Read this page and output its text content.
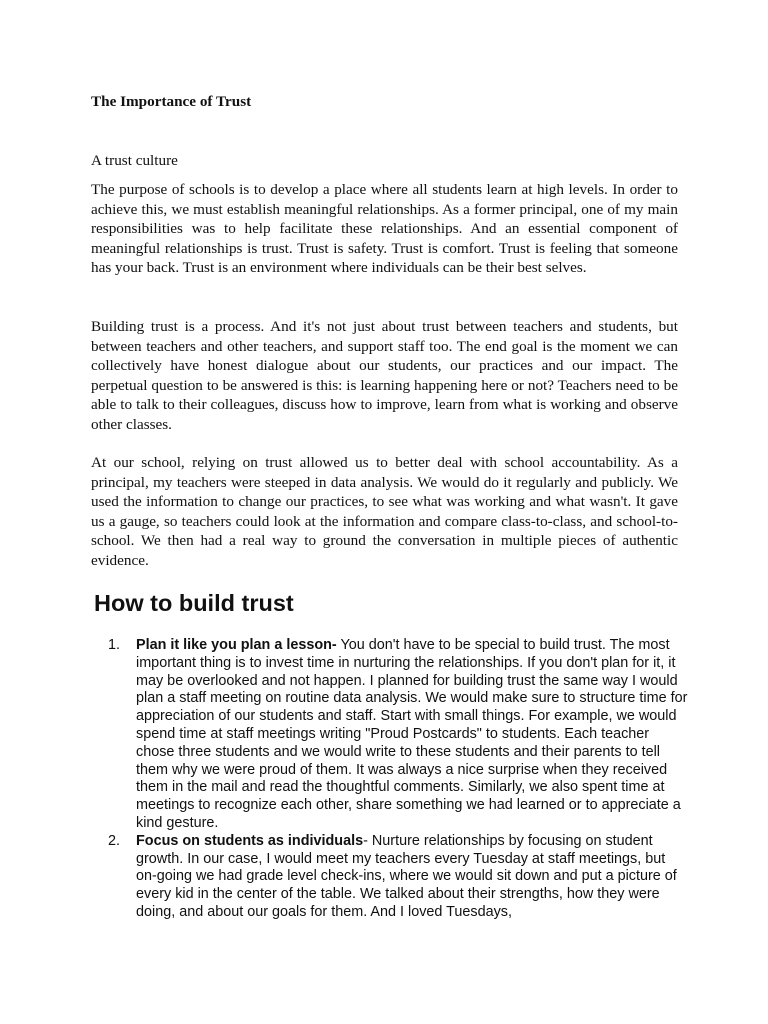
The Importance of Trust

A trust culture

The purpose of schools is to develop a place where all students learn at high levels. In order to achieve this, we must establish meaningful relationships. As a former principal, one of my main responsibilities was to help facilitate these relationships. And an essential component of meaningful relationships is trust. Trust is safety. Trust is comfort. Trust is feeling that someone has your back. Trust is an environment where individuals can be their best selves.

Building trust is a process. And it's not just about trust between teachers and students, but between teachers and other teachers, and support staff too. The end goal is the moment we can collectively have honest dialogue about our students, our practices and our impact. The perpetual question to be answered is this: is learning happening here or not? Teachers need to be able to talk to their colleagues, discuss how to improve, learn from what is working and observe other classes.

At our school, relying on trust allowed us to better deal with school accountability. As a principal, my teachers were steeped in data analysis. We would do it regularly and publicly. We used the information to change our practices, to see what was working and what wasn't. It gave us a gauge, so teachers could look at the information and compare class-to-class, and school-to-school. We then had a real way to ground the conversation in multiple pieces of authentic evidence.

How to build trust
1. Plan it like you plan a lesson- You don't have to be special to build trust. The most important thing is to invest time in nurturing the relationships. If you don't plan for it, it may be overlooked and not happen. I planned for building trust the same way I would plan a staff meeting on routine data analysis. We would make sure to structure time for appreciation of our students and staff. Start with small things. For example, we would spend time at staff meetings writing "Proud Postcards" to students. Each teacher chose three students and we would write to these students and their parents to tell them why we were proud of them. It was always a nice surprise when they received them in the mail and read the thoughtful comments. Similarly, we also spent time at meetings to recognize each other, share something we had learned or to appreciate a kind gesture.
2. Focus on students as individuals- Nurture relationships by focusing on student growth. In our case, I would meet my teachers every Tuesday at staff meetings, but on-going we had grade level check-ins, where we would sit down and put a picture of every kid in the center of the table. We talked about their strengths, how they were doing, and about our goals for them. And I loved Tuesdays,
